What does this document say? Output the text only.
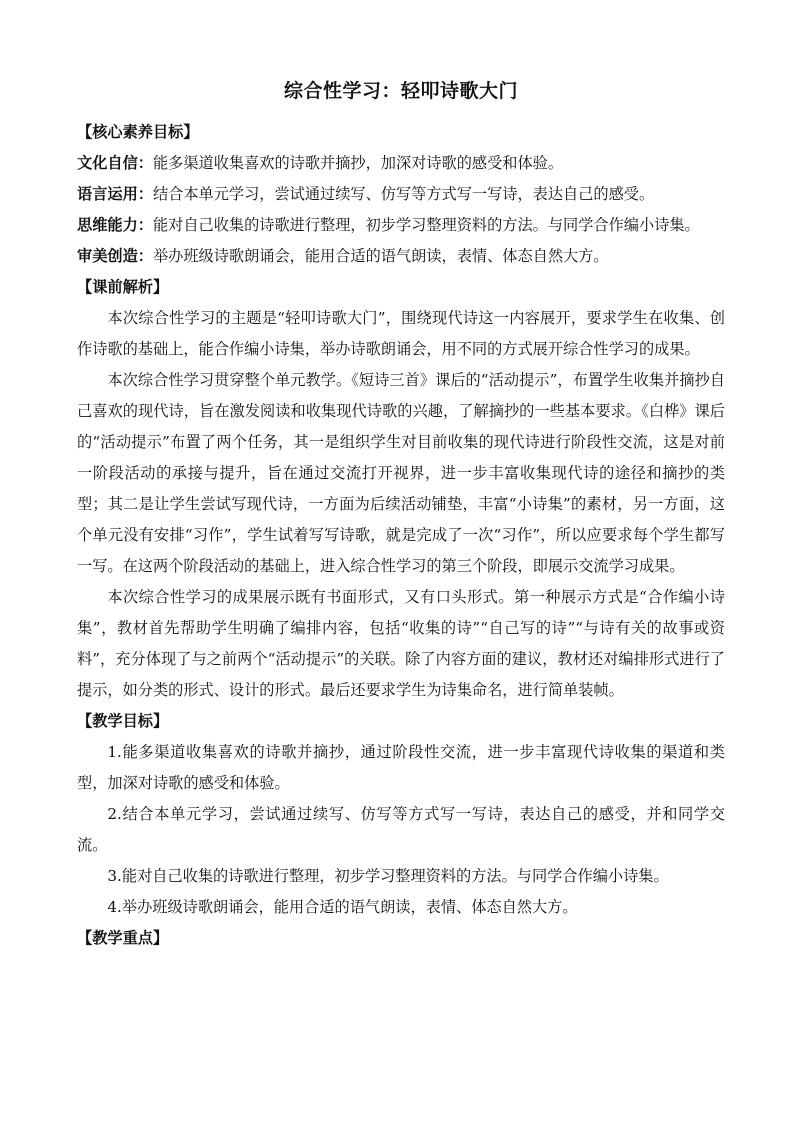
综合性学习：轻叩诗歌大门
【核心素养目标】
文化自信：能多渠道收集喜欢的诗歌并摘抄，加深对诗歌的感受和体验。
语言运用：结合本单元学习，尝试通过续写、仿写等方式写一写诗，表达自己的感受。
思维能力：能对自己收集的诗歌进行整理，初步学习整理资料的方法。与同学合作编小诗集。
审美创造：举办班级诗歌朗诵会，能用合适的语气朗读，表情、体态自然大方。
【课前解析】
本次综合性学习的主题是“轻叩诗歌大门”，围绕现代诗这一内容展开，要求学生在收集、创作诗歌的基础上，能合作编小诗集，举办诗歌朗诵会，用不同的方式展开综合性学习的成果。
本次综合性学习贯穿整个单元教学。《短诗三首》课后的“活动提示”，布置学生收集并摘抄自己喜欢的现代诗，旨在激发阅读和收集现代诗歌的兴趣，了解摘抄的一些基本要求。《白桦》课后的“活动提示”布置了两个任务，其一是组织学生对目前收集的现代诗进行阶段性交流，这是对前一阶段活动的承接与提升，旨在通过交流打开视界，进一步丰富收集现代诗的途径和摘抄的类型；其二是让学生尝试写现代诗，一方面为后续活动铺垫，丰富“小诗集”的素材，另一方面，这个单元没有安排“习作”，学生试着写写诗歌，就是完成了一次“习作”，所以应要求每个学生都写一写。在这两个阶段活动的基础上，进入综合性学习的第三个阶段，即展示交流学习成果。
本次综合性学习的成果展示既有书面形式，又有口头形式。第一种展示方式是“合作编小诗集”，教材首先帮助学生明确了编排内容，包括“收集的诗”“自己写的诗”“与诗有关的故事或资料”，充分体现了与之前两个“活动提示”的关联。除了内容方面的建议，教材还对编排形式进行了提示，如分类的形式、设计的形式。最后还要求学生为诗集命名，进行简单装帧。
【教学目标】
1.能多渠道收集喜欢的诗歌并摘抄，通过阶段性交流，进一步丰富现代诗收集的渠道和类型，加深对诗歌的感受和体验。
2.结合本单元学习，尝试通过续写、仿写等方式写一写诗，表达自己的感受，并和同学交流。
3.能对自己收集的诗歌进行整理，初步学习整理资料的方法。与同学合作编小诗集。
4.举办班级诗歌朗诵会，能用合适的语气朗读，表情、体态自然大方。
【教学重点】
